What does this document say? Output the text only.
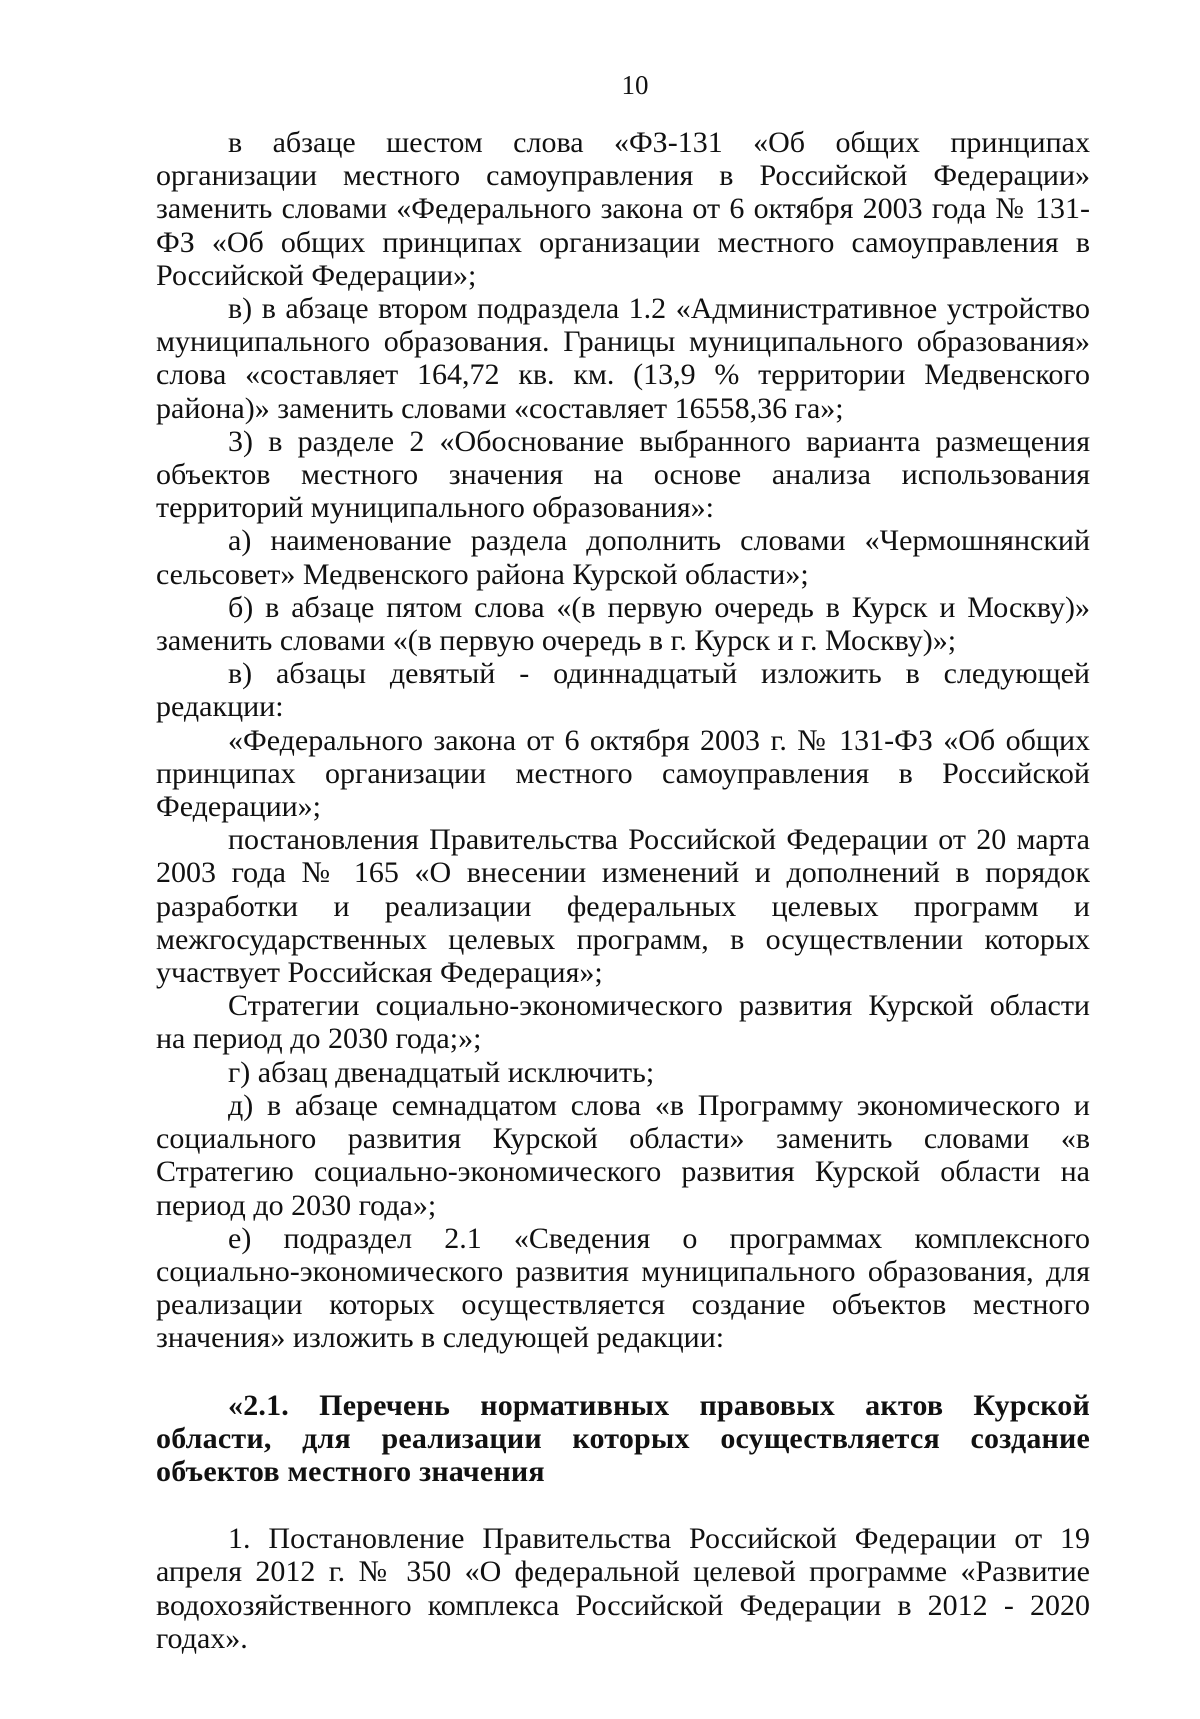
10

в абзаце шестом слова «ФЗ-131 «Об общих принципах организации местного самоуправления в Российской Федерации» заменить словами «Федерального закона от 6 октября 2003 года № 131-ФЗ «Об общих принципах организации местного самоуправления в Российской Федерации»;

в) в абзаце втором подраздела 1.2 «Административное устройство муниципального образования. Границы муниципального образования» слова «составляет 164,72 кв. км. (13,9 % территории Медвенского района)» заменить словами «составляет 16558,36 га»;

3) в разделе 2 «Обоснование выбранного варианта размещения объектов местного значения на основе анализа использования территорий муниципального образования»:

а) наименование раздела дополнить словами «Чермошнянский сельсовет» Медвенского района Курской области»;

б) в абзаце пятом слова «(в первую очередь в Курск и Москву)» заменить словами «(в первую очередь в г. Курск и г. Москву)»;

в) абзацы девятый - одиннадцатый изложить в следующей редакции:

«Федерального закона от 6 октября 2003 г. № 131-ФЗ «Об общих принципах организации местного самоуправления в Российской Федерации»;

постановления Правительства Российской Федерации от 20 марта 2003 года № 165 «О внесении изменений и дополнений в порядок разработки и реализации федеральных целевых программ и межгосударственных целевых программ, в осуществлении которых участвует Российская Федерация»;

Стратегии социально-экономического развития Курской области на период до 2030 года;»;

г) абзац двенадцатый исключить;

д) в абзаце семнадцатом слова «в Программу экономического и социального развития Курской области» заменить словами «в Стратегию социально-экономического развития Курской области на период до 2030 года»;

е) подраздел 2.1 «Сведения о программах комплексного социально-экономического развития муниципального образования, для реализации которых осуществляется создание объектов местного значения» изложить в следующей редакции:

«2.1. Перечень нормативных правовых актов Курской области, для реализации которых осуществляется создание объектов местного значения

1. Постановление Правительства Российской Федерации от 19 апреля 2012 г. № 350 «О федеральной целевой программе «Развитие водохозяйственного комплекса Российской Федерации в 2012 - 2020 годах».
